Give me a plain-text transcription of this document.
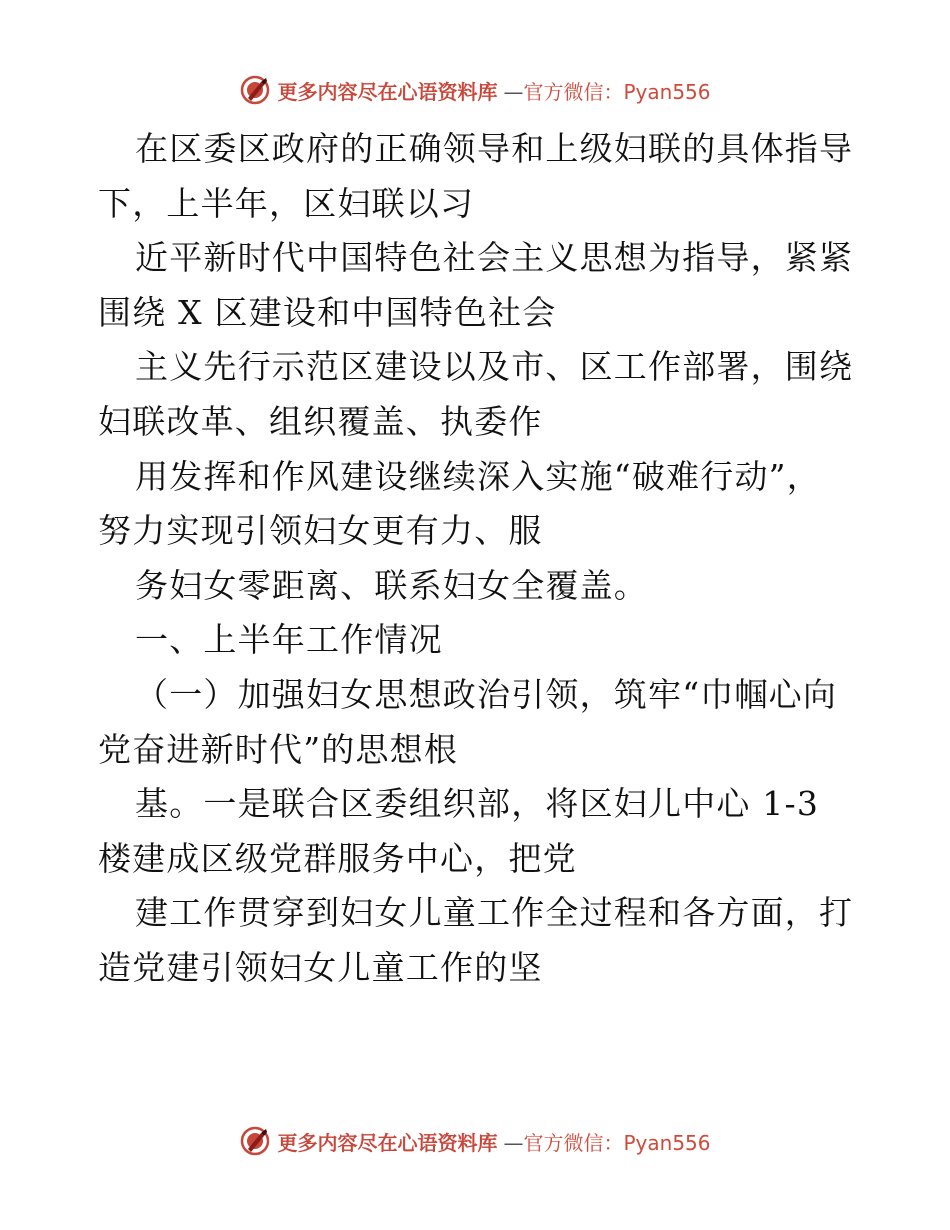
更多内容尽在心语资料库 —官方微信：Pyan556
在区委区政府的正确领导和上级妇联的具体指导
下，上半年，区妇联以习
近平新时代中国特色社会主义思想为指导，紧紧
围绕 X 区建设和中国特色社会
主义先行示范区建设以及市、区工作部署，围绕
妇联改革、组织覆盖、执委作
用发挥和作风建设继续深入实施“破难行动”，
努力实现引领妇女更有力、服
务妇女零距离、联系妇女全覆盖。
一、上半年工作情况
（一）加强妇女思想政治引领，筑牢“巾帼心向
党奋进新时代”的思想根
基。一是联合区委组织部，将区妇儿中心 1-3
楼建成区级党群服务中心，把党
建工作贯穿到妇女儿童工作全过程和各方面，打
造党建引领妇女儿童工作的坚
更多内容尽在心语资料库 —官方微信：Pyan556
